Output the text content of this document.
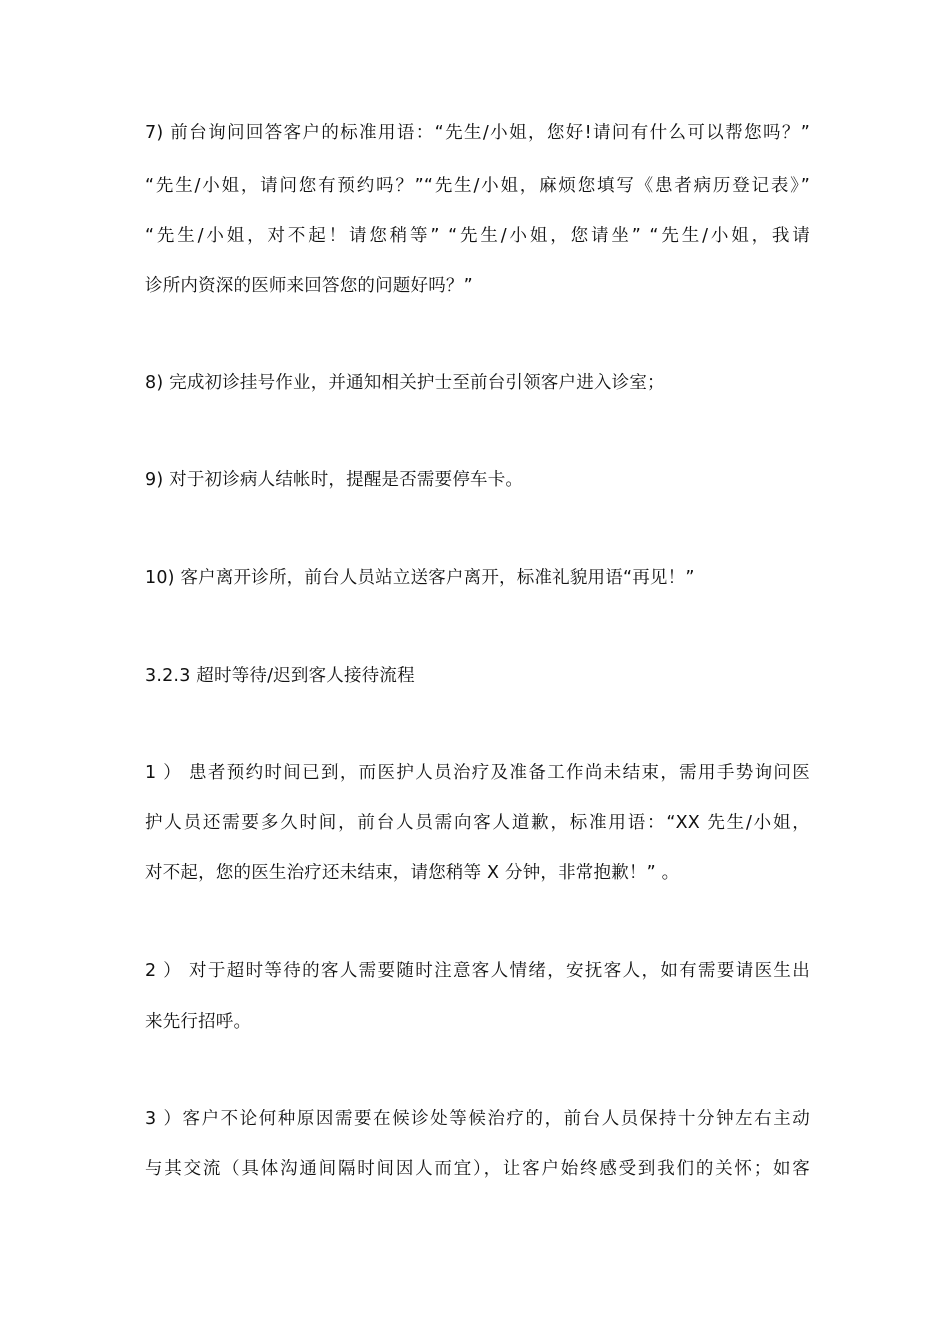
7) 前台询问回答客户的标准用语：“先生/小姐，您好!请问有什么可以帮您吗？”
“先生/小姐，请问您有预约吗？”“先生/小姐，麻烦您填写《患者病历登记表》”
“先生/小姐，对不起！请您稍等” “先生/小姐，您请坐” “先生/小姐，我请
诊所内资深的医师来回答您的问题好吗？”
8) 完成初诊挂号作业，并通知相关护士至前台引领客户进入诊室；
9) 对于初诊病人结帐时，提醒是否需要停车卡。
10) 客户离开诊所，前台人员站立送客户离开，标准礼貌用语“再见！”
3.2.3 超时等待/迟到客人接待流程
1 ） 患者预约时间已到，而医护人员治疗及准备工作尚未结束，需用手势询问医
护人员还需要多久时间，前台人员需向客人道歉，标准用语：“XX 先生/小姐，
对不起，您的医生治疗还未结束，请您稍等 X 分钟，非常抱歉！” 。
2 ） 对于超时等待的客人需要随时注意客人情绪，安抚客人，如有需要请医生出
来先行招呼。
3 ）客户不论何种原因需要在候诊处等候治疗的，前台人员保持十分钟左右主动
与其交流（具体沟通间隔时间因人而宜），让客户始终感受到我们的关怀；如客
